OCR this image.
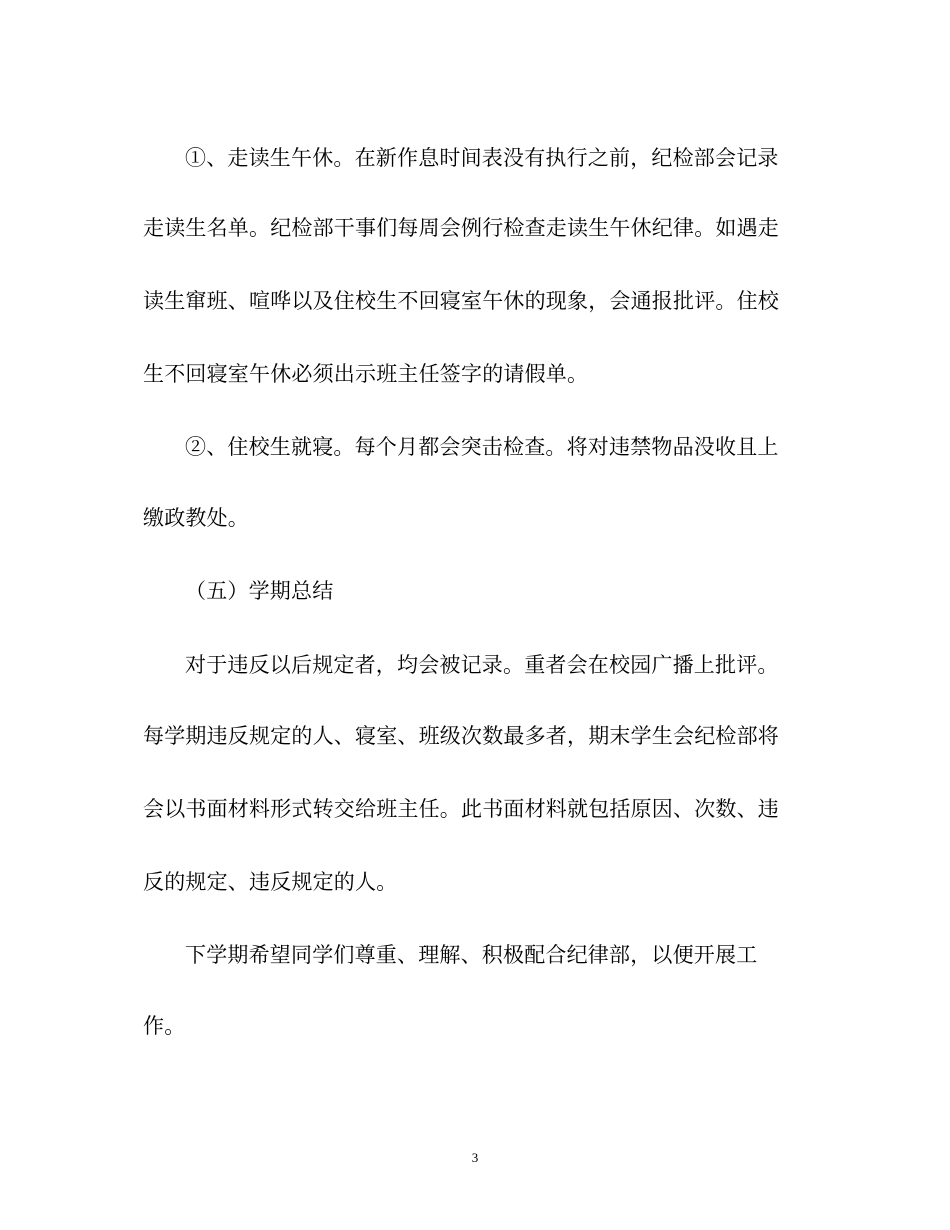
①、走读生午休。在新作息时间表没有执行之前，纪检部会记录
走读生名单。纪检部干事们每周会例行检查走读生午休纪律。如遇走
读生窜班、喧哗以及住校生不回寝室午休的现象，会通报批评。住校
生不回寝室午休必须出示班主任签字的请假单。
②、住校生就寝。每个月都会突击检查。将对违禁物品没收且上
缴政教处。
（五）学期总结
对于违反以后规定者，均会被记录。重者会在校园广播上批评。
每学期违反规定的人、寝室、班级次数最多者，期末学生会纪检部将
会以书面材料形式转交给班主任。此书面材料就包括原因、次数、违
反的规定、违反规定的人。
下学期希望同学们尊重、理解、积极配合纪律部，以便开展工
作。
3
